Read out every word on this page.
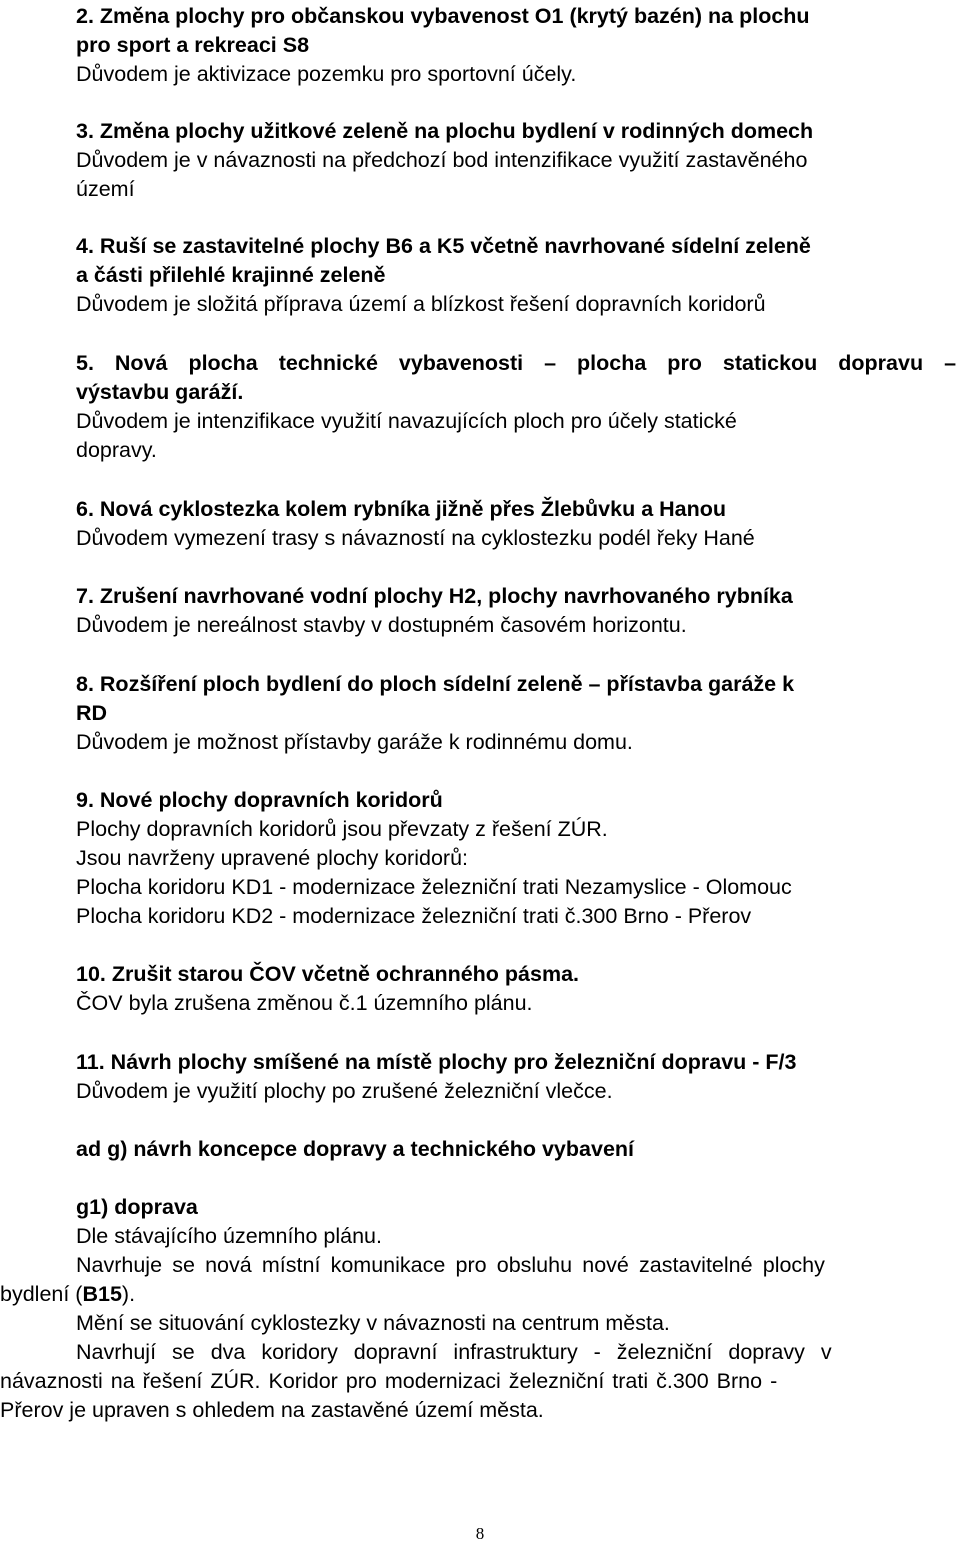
2. Změna plochy pro občanskou vybavenost O1 (krytý bazén) na plochu
pro sport a rekreaci S8
Důvodem je aktivizace pozemku pro sportovní účely.
3. Změna plochy užitkové zeleně na plochu bydlení v rodinných domech
Důvodem je v návaznosti na předchozí bod intenzifikace využití zastavěného
území
4. Ruší se zastavitelné plochy B6 a K5 včetně navrhované sídelní zeleně
a části přilehlé krajinné zeleně
Důvodem je složitá příprava území a blízkost řešení dopravních koridorů
5. Nová plocha technické vybavenosti – plocha pro statickou dopravu –
výstavbu garáží.
Důvodem je intenzifikace využití navazujících ploch pro účely statické
dopravy.
6. Nová cyklostezka kolem rybníka jižně přes Žlebůvku a Hanou
Důvodem vymezení trasy s návazností na cyklostezku podél řeky Hané
7. Zrušení navrhované vodní plochy H2, plochy navrhovaného rybníka
Důvodem je nereálnost stavby v dostupném časovém horizontu.
8. Rozšíření ploch bydlení do ploch sídelní zeleně – přístavba garáže k
RD
Důvodem je možnost přístavby garáže k rodinnému domu.
9. Nové plochy dopravních koridorů
Plochy dopravních koridorů jsou převzaty z řešení ZÚR.
Jsou navrženy upravené plochy koridorů:
Plocha koridoru KD1 - modernizace železniční trati Nezamyslice - Olomouc
Plocha koridoru KD2 - modernizace železniční trati č.300 Brno - Přerov
10. Zrušit starou ČOV včetně ochranného pásma.
ČOV byla zrušena změnou č.1 územního plánu.
11. Návrh plochy smíšené na místě plochy pro železniční dopravu - F/3
Důvodem je využití plochy po zrušené železniční vlečce.
ad g) návrh koncepce dopravy a technického vybavení
g1) doprava
Dle stávajícího územního plánu.
Navrhuje se nová místní komunikace pro obsluhu nové zastavitelné plochy
bydlení (B15).
Mění se situování cyklostezky v návaznosti na centrum města.
Navrhují se dva koridory dopravní infrastruktury - železniční dopravy v
návaznosti na řešení ZÚR. Koridor pro modernizaci železniční trati č.300 Brno -
Přerov je upraven s ohledem na zastavěné území města.
8
